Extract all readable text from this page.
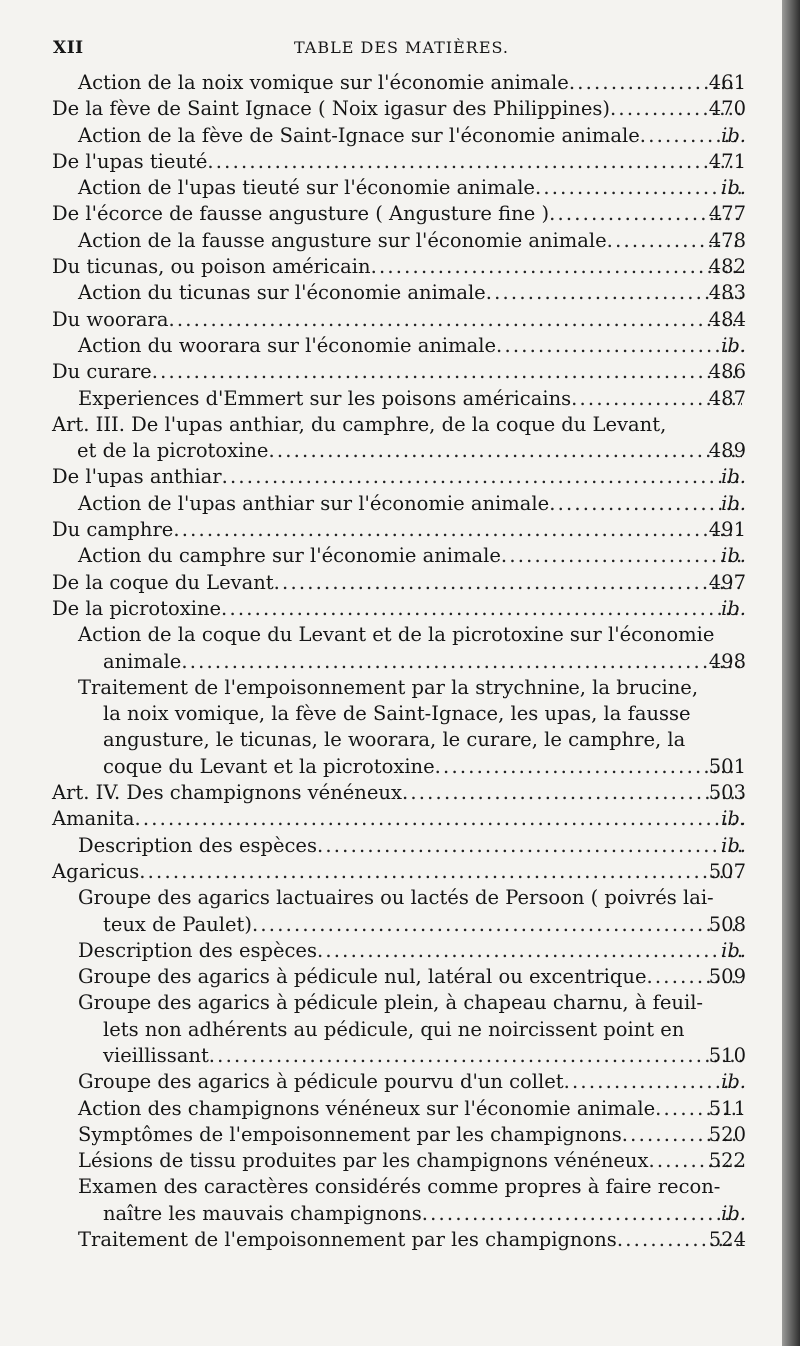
XII	TABLE DES MATIÈRES.
Action de la noix vomique sur l'économie animale . . .	461
De la fève de Saint Ignace ( Noix igasur des Philippines) . . .	470
Action de la fève de Saint-Ignace sur l'économie animale . . .	ib.
De l'upas tieuté . . .	471
Action de l'upas tieuté sur l'économie animale . . .	ib.
De l'écorce de fausse angusture ( Angusture fine ) . . .	477
Action de la fausse angusture sur l'économie animale . . .	478
Du ticunas, ou poison américain . . .	482
Action du ticunas sur l'économie animale . . .	483
Du woorara . . .	484
Action du woorara sur l'économie animale . . .	ib.
Du curare . . .	486
Experiences d'Emmert sur les poisons américains . . .	487
Art. III. De l'upas anthiar, du camphre, de la coque du Levant,
et de la picrotoxine . . .	489
De l'upas anthiar . . .	ib.
Action de l'upas anthiar sur l'économie animale . . .	ib.
Du camphre . . .	491
Action du camphre sur l'économie animale . . .	ib.
De la coque du Levant . . .	497
De la picrotoxine . . .	ib.
Action de la coque du Levant et de la picrotoxine sur l'économie
animale . . .	498
Traitement de l'empoisonnement par la strychnine, la brucine,
la noix vomique, la fève de Saint-Ignace, les upas, la fausse
angusture, le ticunas, le woorara, le curare, le camphre, la
coque du Levant et la picrotoxine . . .	501
Art. IV. Des champignons vénéneux . . .	503
Amanita . . .	ib.
Description des espèces . . .	ib.
Agaricus . . .	507
Groupe des agarics lactuaires ou lactés de Persoon ( poivrés lai-
teux de Paulet) . . .	508
Description des espèces . . .	ib.
Groupe des agarics à pédicule nul, latéral ou excentrique . . .	509
Groupe des agarics à pédicule plein, à chapeau charnu, à feuil-
lets non adhérents au pédicule, qui ne noircissent point en
vieillissant . . .	510
Groupe des agarics à pédicule pourvu d'un collet . . .	ib.
Action des champignons vénéneux sur l'économie animale . . .	511
Symptômes de l'empoisonnement par les champignons . . .	520
Lésions de tissu produites par les champignons vénéneux . . .	522
Examen des caractères considérés comme propres à faire recon-
naître les mauvais champignons . . .	ib.
Traitement de l'empoisonnement par les champignons . . .	524
